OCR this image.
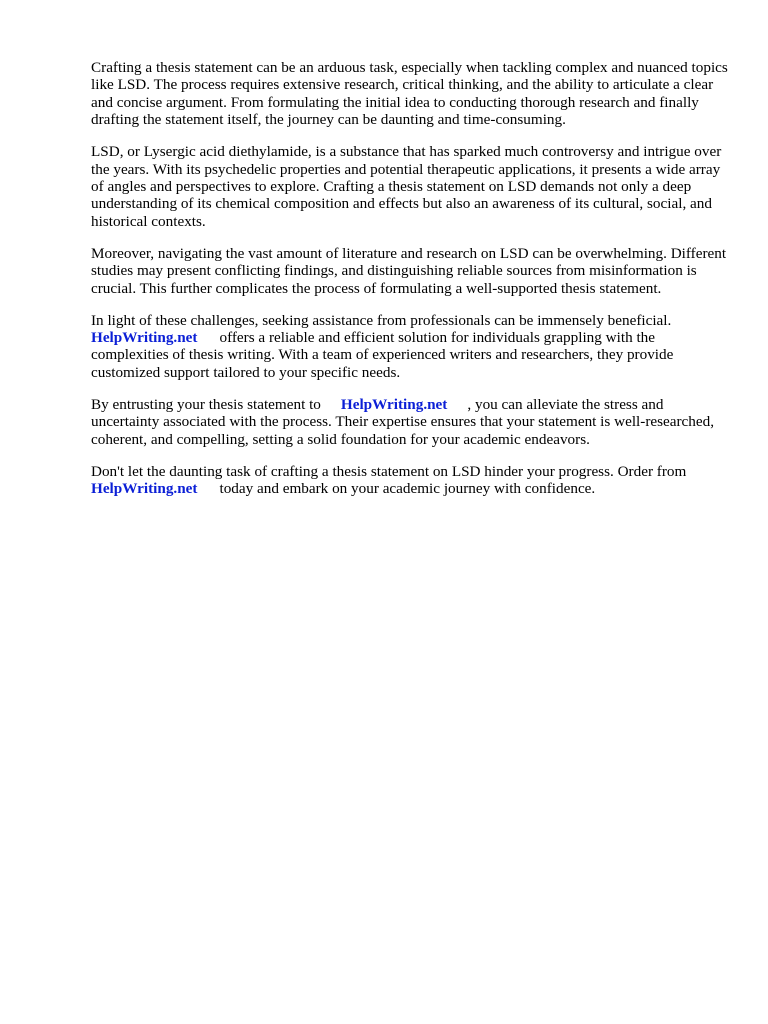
Crafting a thesis statement can be an arduous task, especially when tackling complex and nuanced topics like LSD. The process requires extensive research, critical thinking, and the ability to articulate a clear and concise argument. From formulating the initial idea to conducting thorough research and finally drafting the statement itself, the journey can be daunting and time-consuming.

LSD, or Lysergic acid diethylamide, is a substance that has sparked much controversy and intrigue over the years. With its psychedelic properties and potential therapeutic applications, it presents a wide array of angles and perspectives to explore. Crafting a thesis statement on LSD demands not only a deep understanding of its chemical composition and effects but also an awareness of its cultural, social, and historical contexts.

Moreover, navigating the vast amount of literature and research on LSD can be overwhelming. Different studies may present conflicting findings, and distinguishing reliable sources from misinformation is crucial. This further complicates the process of formulating a well-supported thesis statement.

In light of these challenges, seeking assistance from professionals can be immensely beneficial. HelpWriting.net offers a reliable and efficient solution for individuals grappling with the complexities of thesis writing. With a team of experienced writers and researchers, they provide customized support tailored to your specific needs.

By entrusting your thesis statement to HelpWriting.net , you can alleviate the stress and uncertainty associated with the process. Their expertise ensures that your statement is well-researched, coherent, and compelling, setting a solid foundation for your academic endeavors.

Don't let the daunting task of crafting a thesis statement on LSD hinder your progress. Order from HelpWriting.net today and embark on your academic journey with confidence.
